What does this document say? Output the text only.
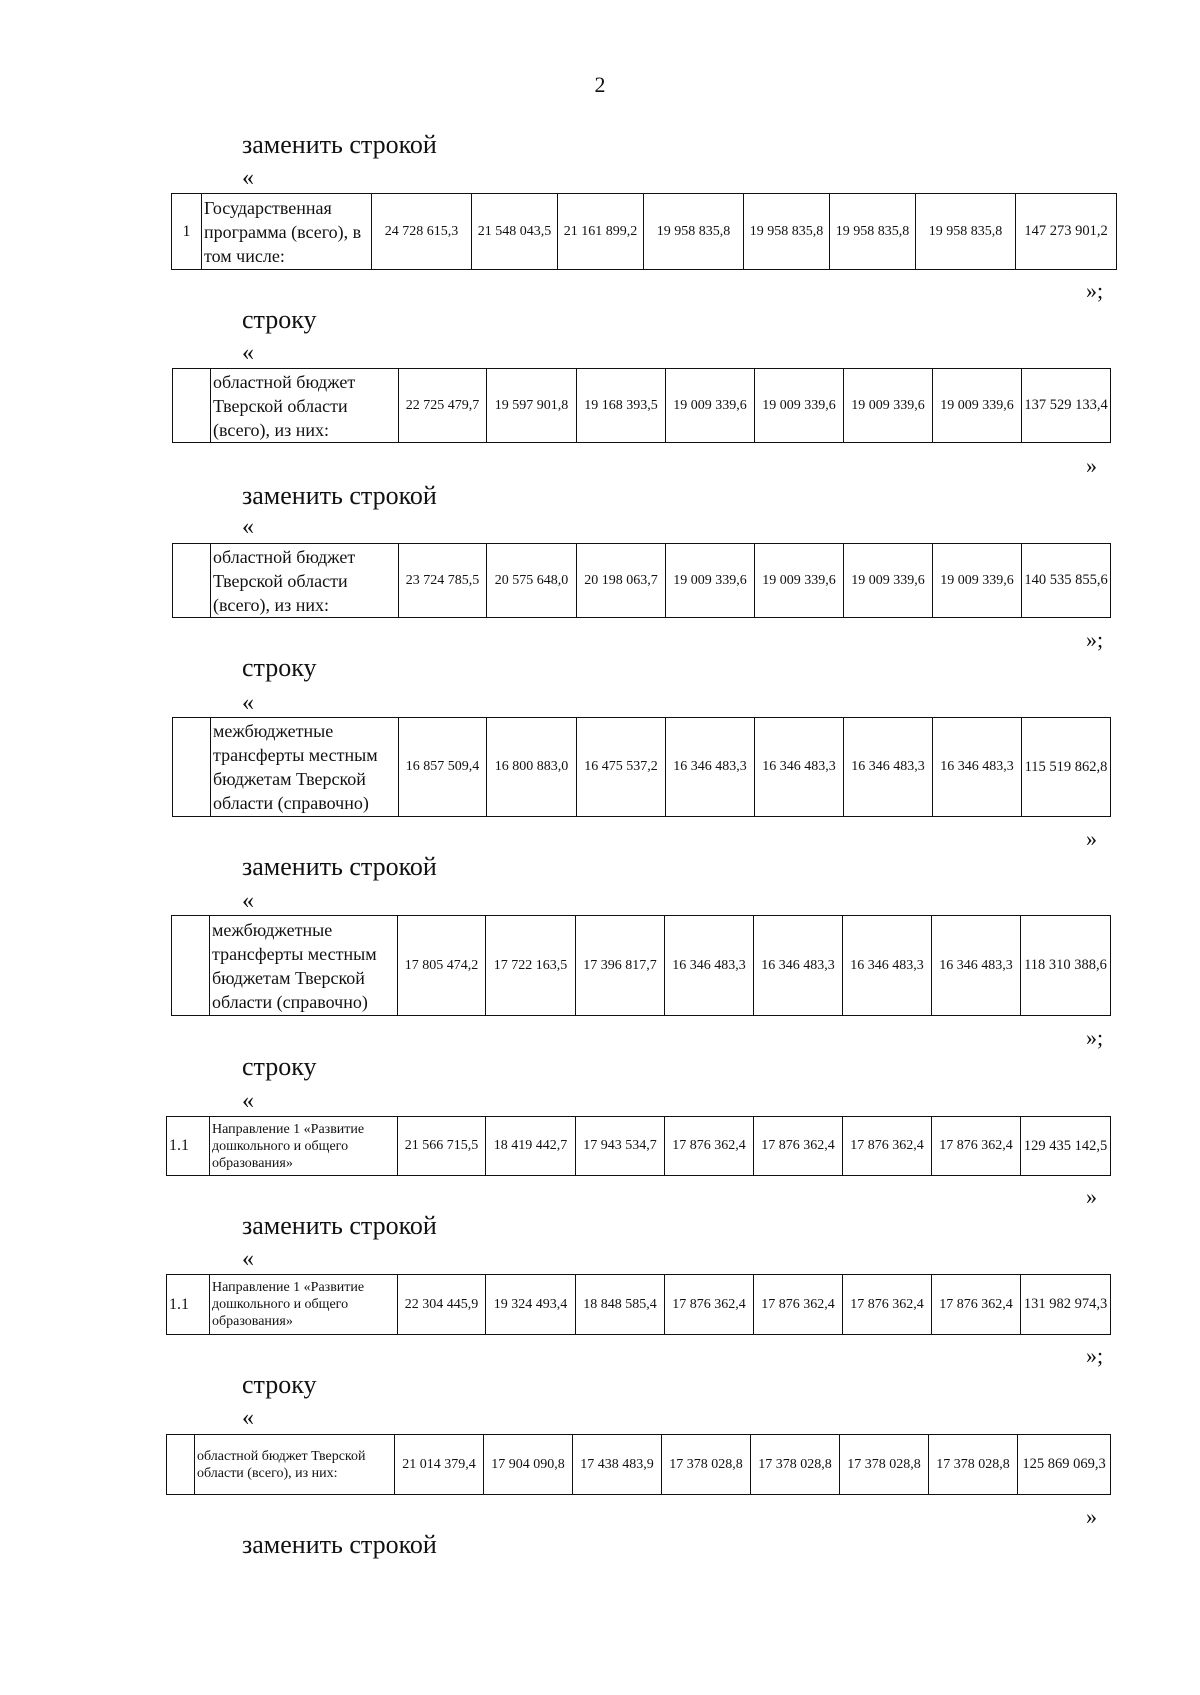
2
заменить строкой
«
1	Государственная программа (всего), в том числе:	24 728 615,3	21 548 043,5	21 161 899,2	19 958 835,8	19 958 835,8	19 958 835,8	19 958 835,8	147 273 901,2
»;
строку
«
	областной бюджет Тверской области (всего), из них:	22 725 479,7	19 597 901,8	19 168 393,5	19 009 339,6	19 009 339,6	19 009 339,6	19 009 339,6	137 529 133,4
»
заменить строкой
«
	областной бюджет Тверской области (всего), из них:	23 724 785,5	20 575 648,0	20 198 063,7	19 009 339,6	19 009 339,6	19 009 339,6	19 009 339,6	140 535 855,6
»;
строку
«
	межбюджетные трансферты местным бюджетам Тверской области (справочно)	16 857 509,4	16 800 883,0	16 475 537,2	16 346 483,3	16 346 483,3	16 346 483,3	16 346 483,3	115 519 862,8
»
заменить строкой
«
	межбюджетные трансферты местным бюджетам Тверской области (справочно)	17 805 474,2	17 722 163,5	17 396 817,7	16 346 483,3	16 346 483,3	16 346 483,3	16 346 483,3	118 310 388,6
»;
строку
«
1.1	Направление 1 «Развитие дошкольного и общего образования»	21 566 715,5	18 419 442,7	17 943 534,7	17 876 362,4	17 876 362,4	17 876 362,4	17 876 362,4	129 435 142,5
»
заменить строкой
«
1.1	Направление 1 «Развитие дошкольного и общего образования»	22 304 445,9	19 324 493,4	18 848 585,4	17 876 362,4	17 876 362,4	17 876 362,4	17 876 362,4	131 982 974,3
»;
строку
«
	областной бюджет Тверской области (всего), из них:	21 014 379,4	17 904 090,8	17 438 483,9	17 378 028,8	17 378 028,8	17 378 028,8	17 378 028,8	125 869 069,3
»
заменить строкой
